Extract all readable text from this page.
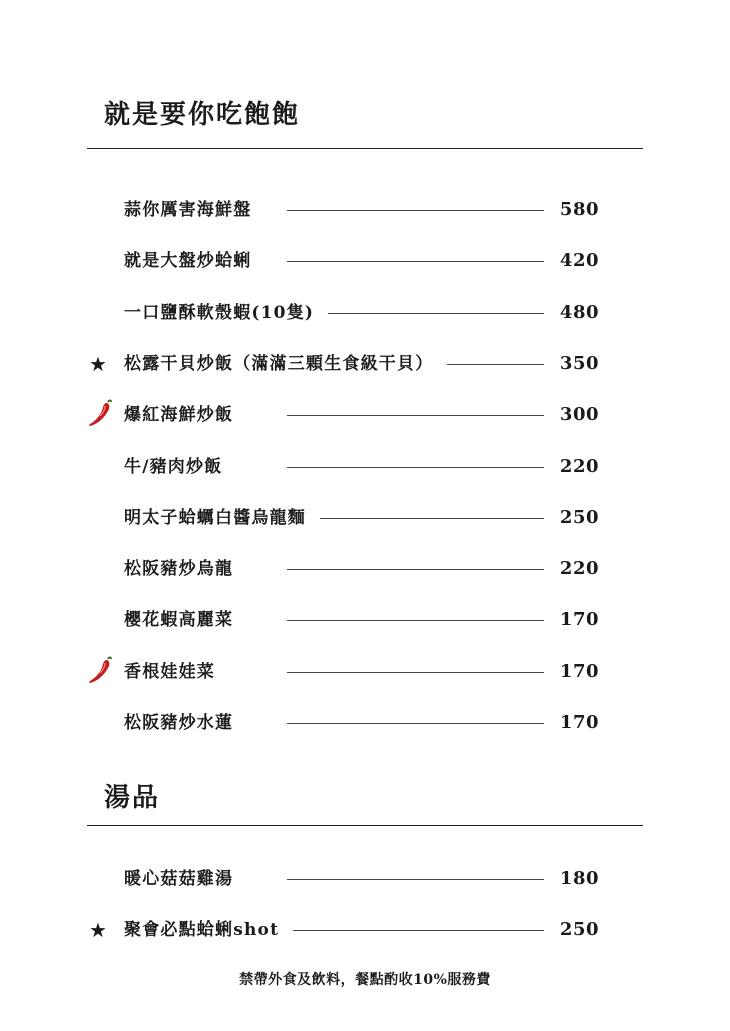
就是要你吃飽飽
蒜你厲害海鮮盤	580
就是大盤炒蛤蜊	420
一口鹽酥軟殼蝦(10隻)	480
★	松露干貝炒飯（滿滿三顆生食級干貝）	350
爆紅海鮮炒飯	300
牛/豬肉炒飯	220
明太子蛤蠣白醬烏龍麵	250
松阪豬炒烏龍	220
櫻花蝦高麗菜	170
香根娃娃菜	170
松阪豬炒水蓮	170
湯品
暖心菇菇雞湯	180
★	聚會必點蛤蜊shot	250
禁帶外食及飲料，餐點酌收10%服務費
